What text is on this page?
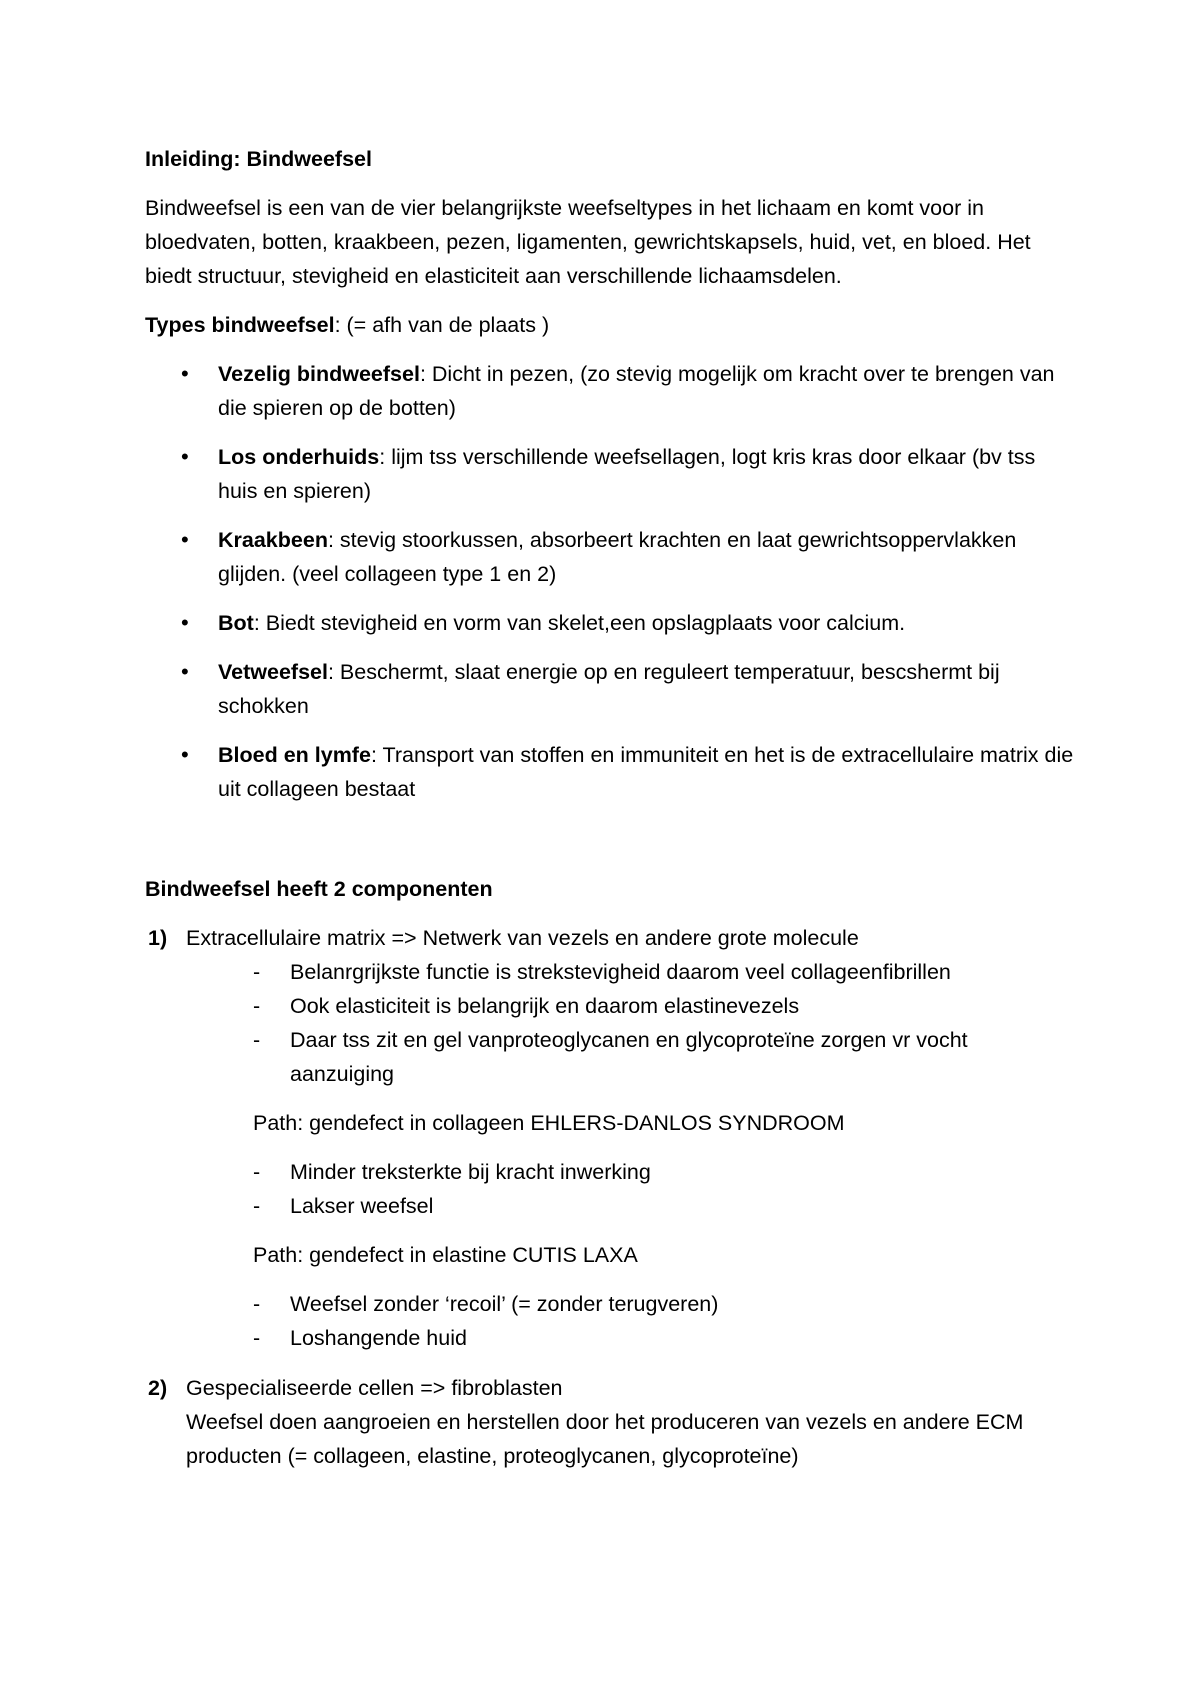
Inleiding: Bindweefsel

Bindweefsel is een van de vier belangrijkste weefseltypes in het lichaam en komt voor in bloedvaten, botten, kraakbeen, pezen, ligamenten, gewrichtskapsels, huid, vet, en bloed. Het biedt structuur, stevigheid en elasticiteit aan verschillende lichaamsdelen.

Types bindweefsel: (= afh van de plaats )

• Vezelig bindweefsel: Dicht in pezen, (zo stevig mogelijk om kracht over te brengen van die spieren op de botten)
• Los onderhuids: lijm tss verschillende weefsellagen, logt kris kras door elkaar (bv tss huis en spieren)
• Kraakbeen: stevig stoorkussen, absorbeert krachten en laat gewrichtsoppervlakken glijden. (veel collageen type 1 en 2)
• Bot: Biedt stevigheid en vorm van skelet,een opslagplaats voor calcium.
• Vetweefsel: Beschermt, slaat energie op en reguleert temperatuur, bescshermt bij schokken
• Bloed en lymfe: Transport van stoffen en immuniteit en het is de extracellulaire matrix die uit collageen bestaat

Bindweefsel heeft 2 componenten

1) Extracellulaire matrix => Netwerk van vezels en andere grote molecule

- Belanrgrijkste functie is strekstevigheid daarom veel collageenfibrillen
- Ook elasticiteit is belangrijk en daarom elastinevezels
- Daar tss zit en gel vanproteoglycanen en glycoproteïne zorgen vr vocht aanzuiging

Path: gendefect in collageen EHLERS-DANLOS SYNDROOM

- Minder treksterkte bij kracht inwerking
- Lakser weefsel

Path: gendefect in elastine CUTIS LAXA

- Weefsel zonder ‘recoil’ (= zonder terugveren)
- Loshangende huid
2) Gespecialiseerde cellen => fibroblasten

Weefsel doen aangroeien en herstellen door het produceren van vezels en andere ECM producten (= collageen, elastine, proteoglycanen, glycoproteïne)
